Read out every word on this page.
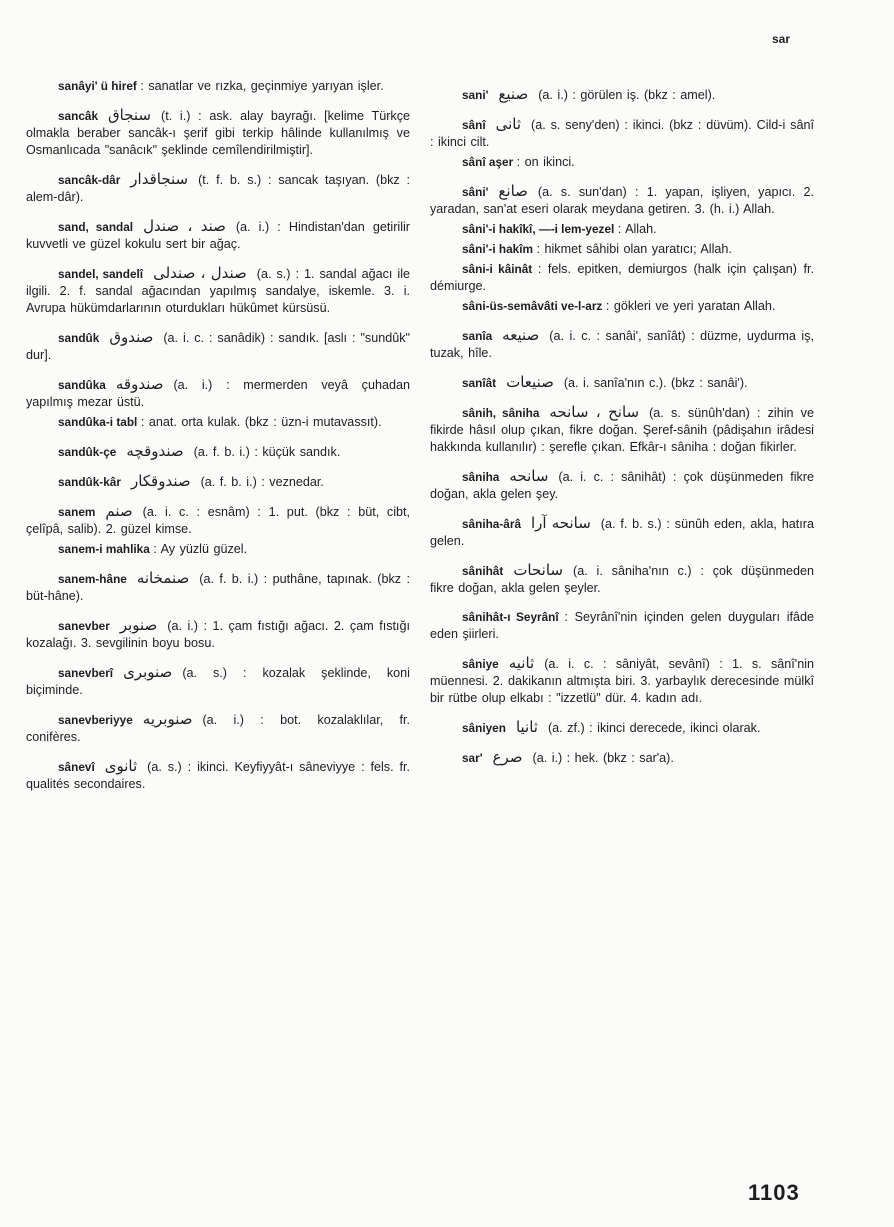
sar
sanâyi' ü hiref : sanatlar ve rızka, geçinmiye yarıyan işler.
sancâk سنجاق (t. i.) : ask. alay bayrağı. [kelime Türkçe olmakla beraber sancâk-ı şerif gibi terkip hâlinde kullanılmış ve Osmanlıcada "sanâcık" şeklinde cemîlendirilmiştir].
sancâk-dâr سنجاقدار (t. f. b. s.) : sancak taşıyan. (bkz : alem-dâr).
sand, sandal صند ، صندل (a. i.) : Hindistan'dan getirilir kuvvetli ve güzel kokulu sert bir ağaç.
sandel, sandelî صندل ، صندلی (a. s.) : 1. sandal ağacı ile ilgili. 2. f. sandal ağacından yapılmış sandalye, iskemle. 3. i. Avrupa hükümdarlarının oturdukları hükûmet kürsüsü.
sandûk صندوق (a. i. c. : sanâdik) : sandık. [aslı : "sundûk" dur].
sandûka صندوقه (a. i.) : mermerden veyâ çuhadan yapılmış mezar üstü.
sandûka-i tabl : anat. orta kulak. (bkz : üzn-i mutavassıt).
sandûk-çe صندوقچه (a. f. b. i.) : küçük sandık.
sandûk-kâr صندوقكار (a. f. b. i.) : veznedar.
sanem صنم (a. i. c. : esnâm) : 1. put. (bkz : büt, cibt, çelîpâ, salib). 2. güzel kimse.
sanem-i mahlika : Ay yüzlü güzel.
sanem-hâne صنمخانه (a. f. b. i.) : puthâne, tapınak. (bkz : büt-hâne).
sanevber صنوبر (a. i.) : 1. çam fıstığı ağacı. 2. çam fıstığı kozalağı. 3. sevgilinin boyu bosu.
sanevberî صنوبری (a. s.) : kozalak şeklinde, koni biçiminde.
sanevberiyye صنوبریه (a. i.) : bot. kozalaklılar, fr. conifères.
sânevî ثانوی (a. s.) : ikinci. Keyfiyyât-ı sâneviyye : fels. fr. qualités secondaires.
sani' صنیع (a. i.) : görülen iş. (bkz : amel).
sânî ثانی (a. s. seny'den) : ikinci. (bkz : düvüm). Cild-i sânî : ikinci cilt.
sânî aşer : on ikinci.
sâni' صانع (a. s. sun'dan) : 1. yapan, işliyen, yapıcı. 2. yaradan, san'at eseri olarak meydana getiren. 3. (h. i.) Allah.
sâni'-i hakîkî, —-i lem-yezel : Allah.
sâni'-i hakîm : hikmet sâhibi olan yaratıcı; Allah.
sâni-i kâinât : fels. epitken, demiurgos (halk için çalışan) fr. démiurge.
sâni-üs-semâvâti ve-l-arz : gökleri ve yeri yaratan Allah.
sanîa صنیعه (a. i. c. : sanâi', sanîât) : düzme, uydurma iş, tuzak, hîle.
sanîât صنیعات (a. i. sanîa'nın c.). (bkz : sanâi').
sânih, sâniha سانح ، سانحه (a. s. sünûh'dan) : zihin ve fikirde hâsıl olup çıkan, fikre doğan. Şeref-sânih (pâdişahın irâdesi hakkında kullanılır) : şerefle çıkan. Efkâr-ı sâniha : doğan fikirler.
sâniha سانحه (a. i. c. : sânihât) : çok düşünmeden fikre doğan, akla gelen şey.
sâniha-ârâ سانحه آرا (a. f. b. s.) : sünûh eden, akla, hatıra gelen.
sânihât سانحات (a. i. sâniha'nın c.) : çok düşünmeden fikre doğan, akla gelen şeyler.
sânihât-ı Seyrânî : Seyrânî'nin içinden gelen duyguları ifâde eden şiirleri.
sâniye ثانیه (a. i. c. : sâniyât, sevânî) : 1. s. sânî'nin müennesi. 2. dakikanın altmışta biri. 3. yarbaylık derecesinde mülkî bir rütbe olup elkabı : "izzetlü" dür. 4. kadın adı.
sâniyen ثانیا (a. zf.) : ikinci derecede, ikinci olarak.
sar' صرع (a. i.) : hek. (bkz : sar'a).
1103
